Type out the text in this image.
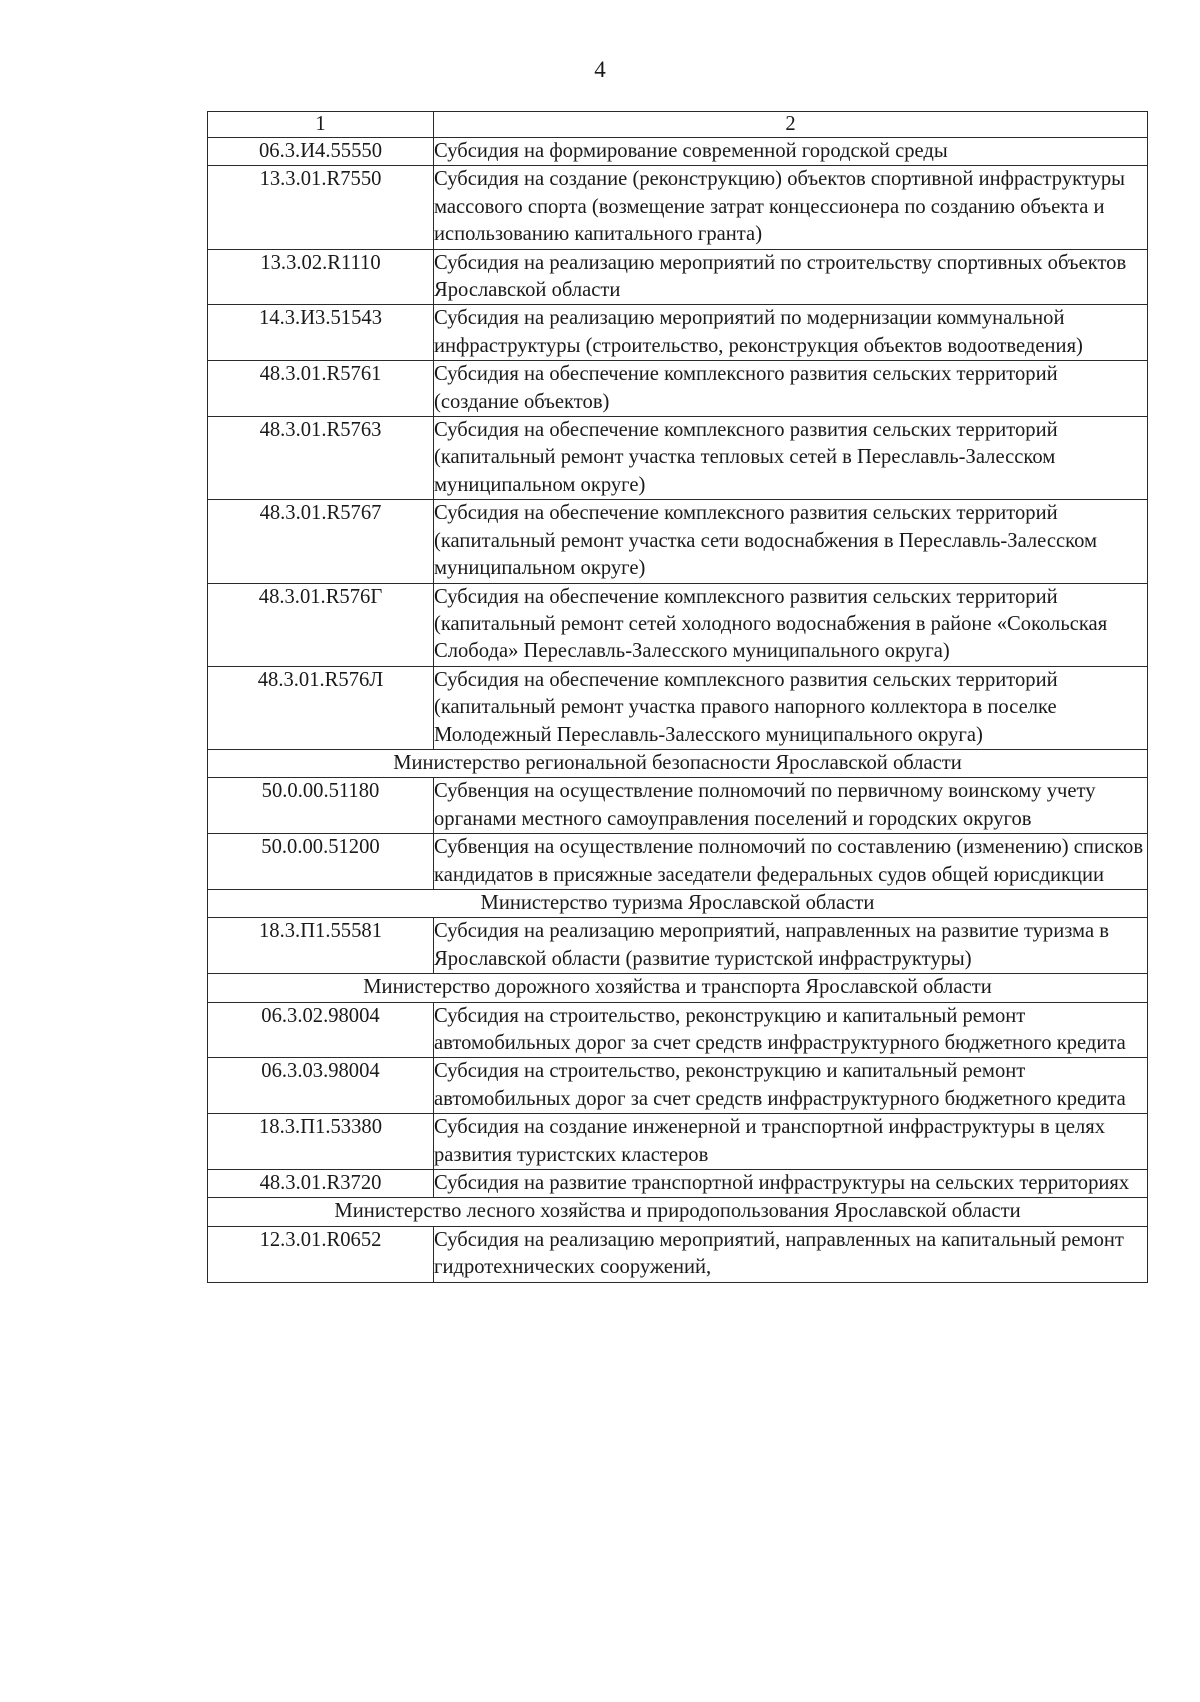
4
1	2
06.3.И4.55550	Субсидия на формирование современной городской среды
13.3.01.R7550	Субсидия на создание (реконструкцию) объектов спортивной инфраструктуры массового спорта (возмещение затрат концессионера по созданию объекта и использованию капитального гранта)
13.3.02.R1110	Субсидия на реализацию мероприятий по строительству спортивных объектов Ярославской области
14.3.И3.51543	Субсидия на реализацию мероприятий по модернизации коммунальной инфраструктуры (строительство, реконструкция объектов водоотведения)
48.3.01.R5761	Субсидия на обеспечение комплексного развития сельских территорий (создание объектов)
48.3.01.R5763	Субсидия на обеспечение комплексного развития сельских территорий (капитальный ремонт участка тепловых сетей в Переславль-Залесском муниципальном округе)
48.3.01.R5767	Субсидия на обеспечение комплексного развития сельских территорий (капитальный ремонт участка сети водоснабжения в Переславль-Залесском муниципальном округе)
48.3.01.R576Г	Субсидия на обеспечение комплексного развития сельских территорий (капитальный ремонт сетей холодного водоснабжения в районе «Сокольская Слобода» Переславль-Залесского муниципального округа)
48.3.01.R576Л	Субсидия на обеспечение комплексного развития сельских территорий (капитальный ремонт участка правого напорного коллектора в поселке Молодежный Переславль-Залесского муниципального округа)
Министерство региональной безопасности Ярославской области	
50.0.00.51180	Субвенция на осуществление полномочий по первичному воинскому учету органами местного самоуправления поселений и городских округов
50.0.00.51200	Субвенция на осуществление полномочий по составлению (изменению) списков кандидатов в присяжные заседатели федеральных судов общей юрисдикции
Министерство туризма Ярославской области	
18.3.П1.55581	Субсидия на реализацию мероприятий, направленных на развитие туризма в Ярославской области (развитие туристской инфраструктуры)
Министерство дорожного хозяйства и транспорта Ярославской области	
06.3.02.98004	Субсидия на строительство, реконструкцию и капитальный ремонт автомобильных дорог за счет средств инфраструктурного бюджетного кредита
06.3.03.98004	Субсидия на строительство, реконструкцию и капитальный ремонт автомобильных дорог за счет средств инфраструктурного бюджетного кредита
18.3.П1.53380	Субсидия на создание инженерной и транспортной инфраструктуры в целях развития туристских кластеров
48.3.01.R3720	Субсидия на развитие транспортной инфраструктуры на сельских территориях
Министерство лесного хозяйства и природопользования Ярославской области	
12.3.01.R0652	Субсидия на реализацию мероприятий, направленных на капитальный ремонт гидротехнических сооружений,
